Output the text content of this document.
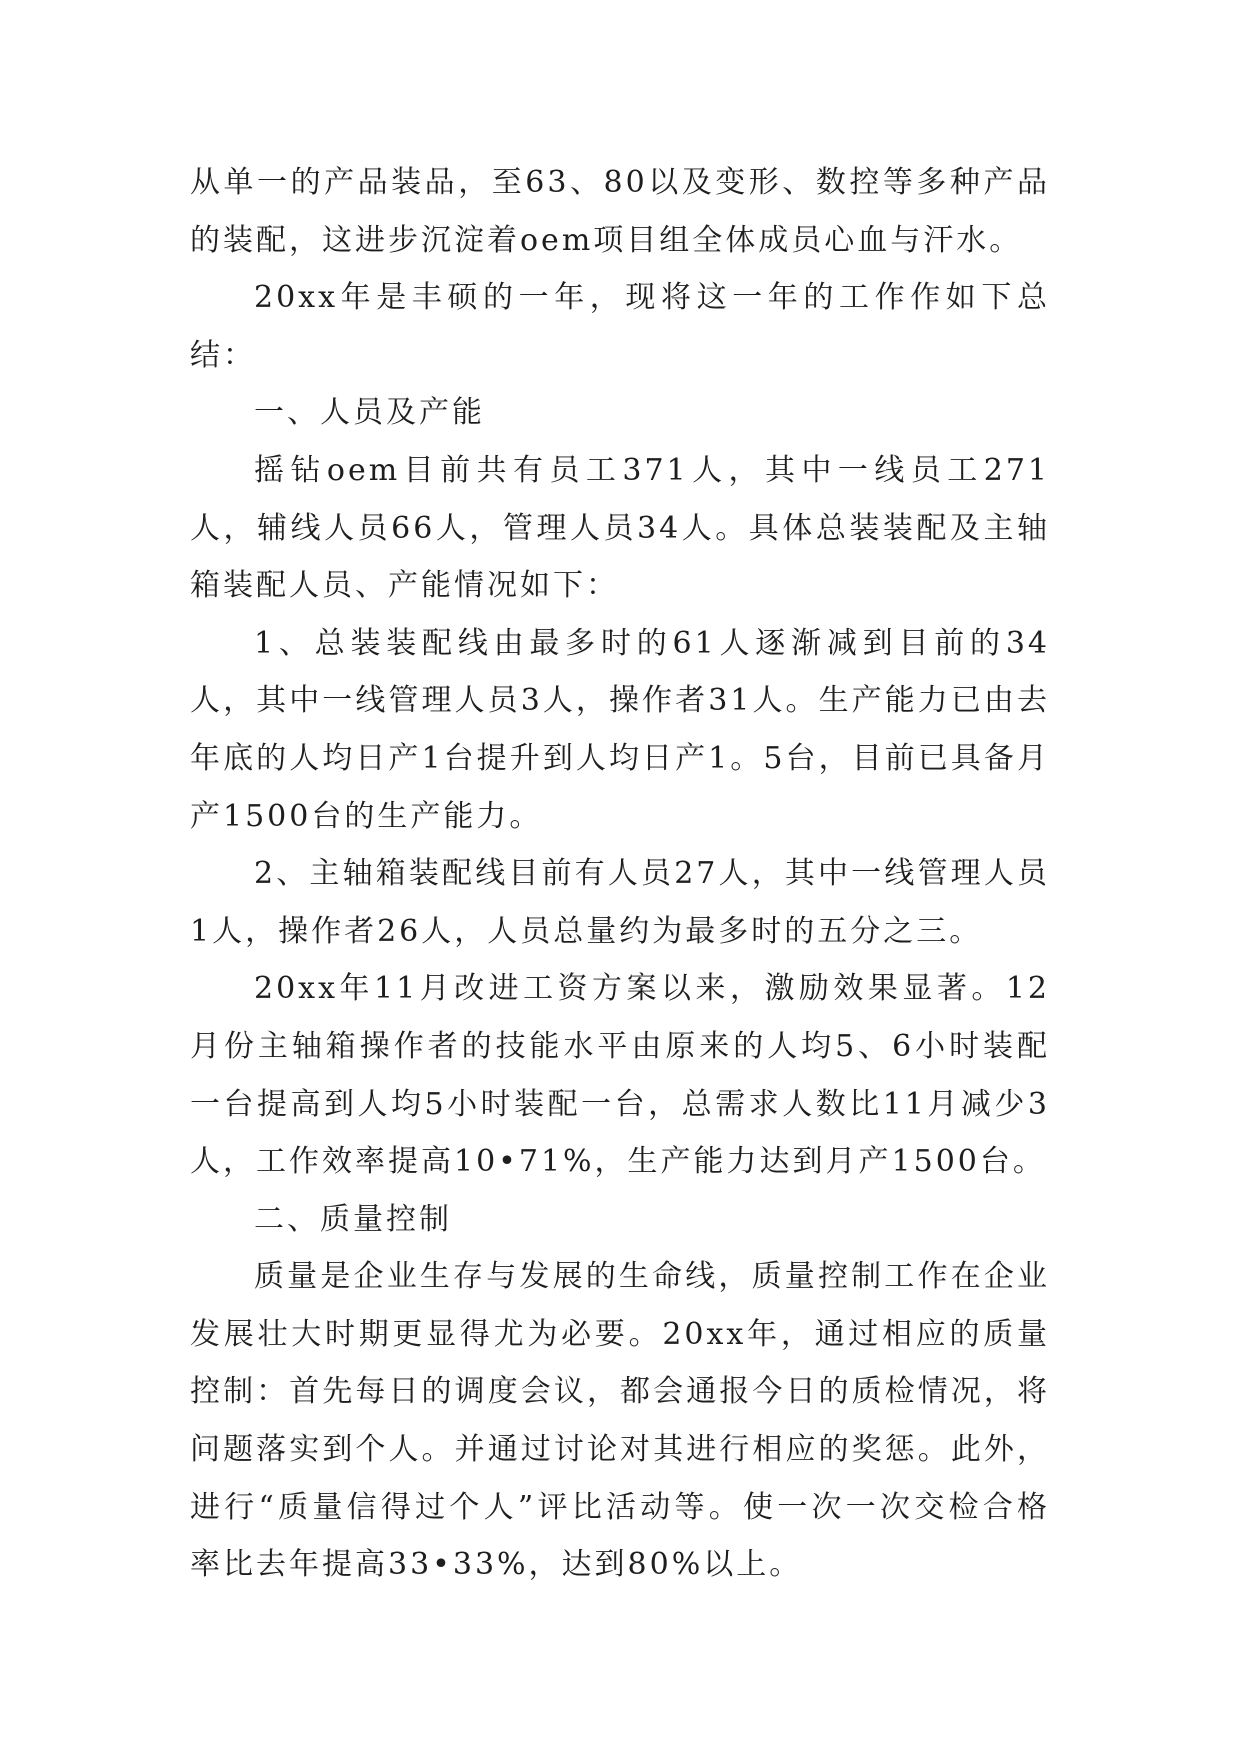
从单一的产品装品，至63、80以及变形、数控等多种产品的装配，这进步沉淀着oem项目组全体成员心血与汗水。

20xx年是丰硕的一年，现将这一年的工作作如下总结：

一、人员及产能

摇钻oem目前共有员工371人，其中一线员工271人，辅线人员66人，管理人员34人。具体总装装配及主轴箱装配人员、产能情况如下：

1、总装装配线由最多时的61人逐渐减到目前的34人，其中一线管理人员3人，操作者31人。生产能力已由去年底的人均日产1台提升到人均日产1。5台，目前已具备月产1500台的生产能力。

2、主轴箱装配线目前有人员27人，其中一线管理人员1人，操作者26人，人员总量约为最多时的五分之三。

20xx年11月改进工资方案以来，激励效果显著。12月份主轴箱操作者的技能水平由原来的人均5、6小时装配一台提高到人均5小时装配一台，总需求人数比11月减少3人，工作效率提高10•71%，生产能力达到月产1500台。

二、质量控制

质量是企业生存与发展的生命线，质量控制工作在企业发展壮大时期更显得尤为必要。20xx年，通过相应的质量控制：首先每日的调度会议，都会通报今日的质检情况，将问题落实到个人。并通过讨论对其进行相应的奖惩。此外，进行“质量信得过个人”评比活动等。使一次一次交检合格率比去年提高33•33%，达到80%以上。
